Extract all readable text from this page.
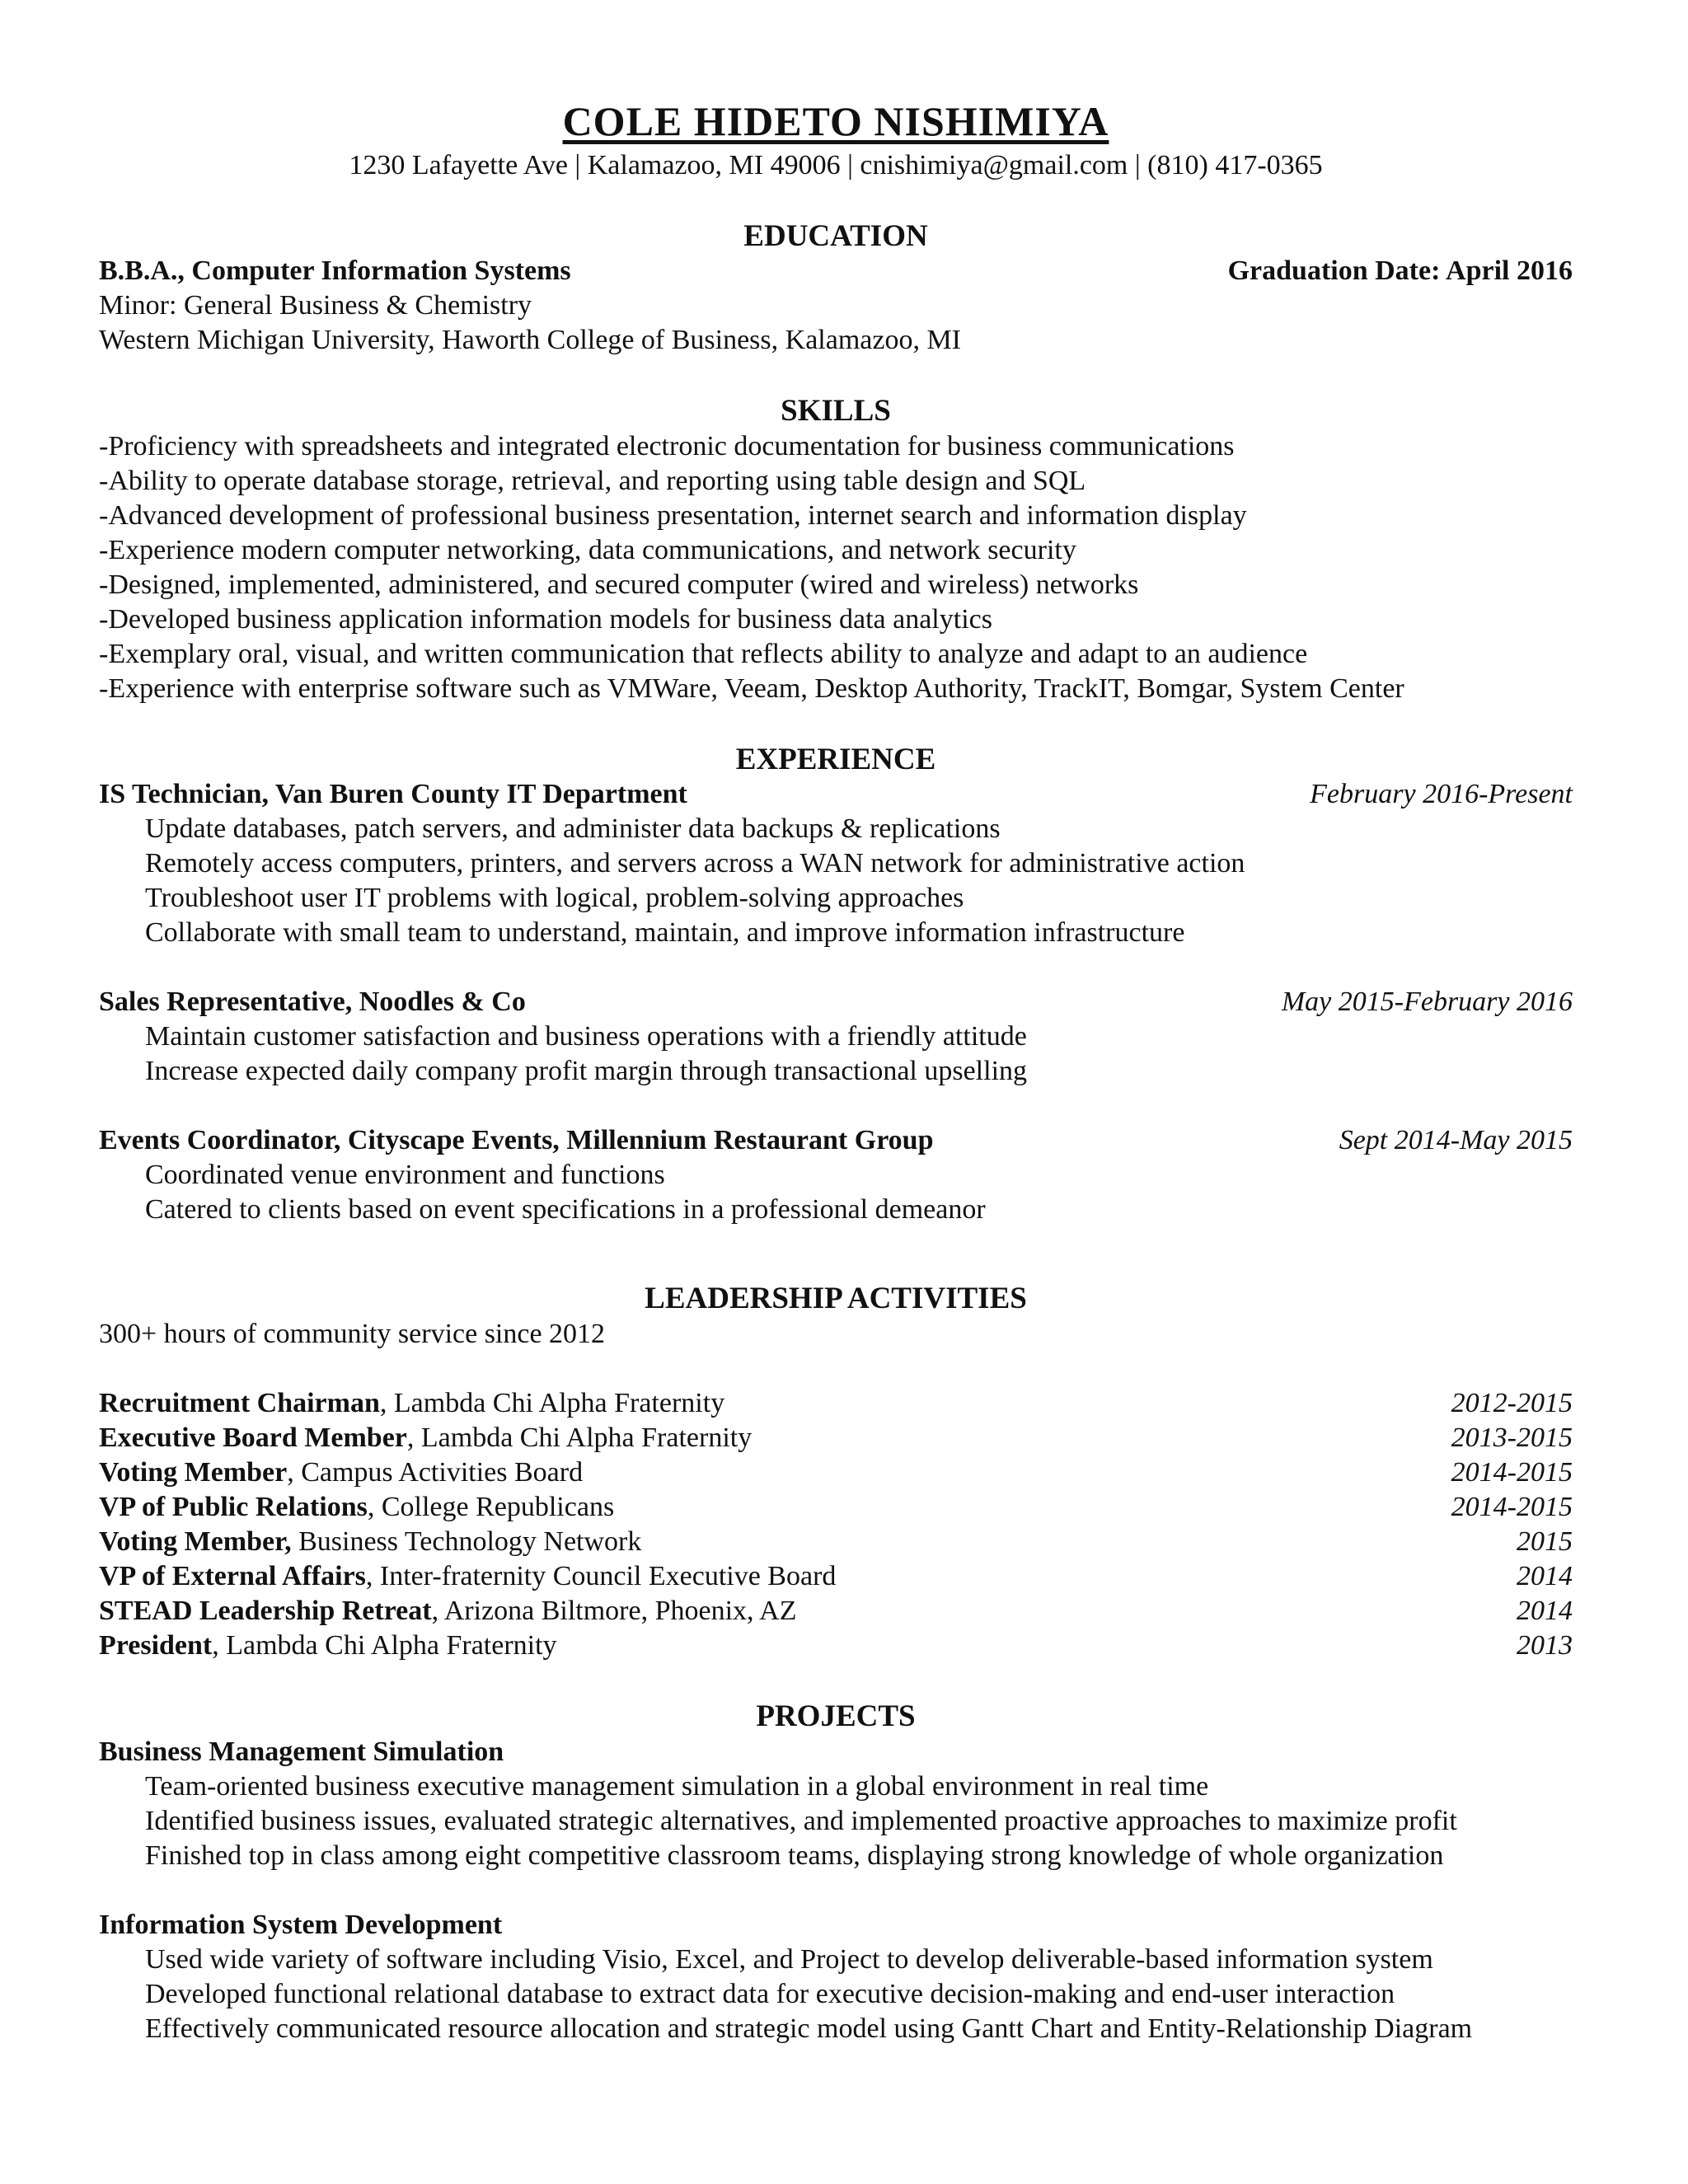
COLE HIDETO NISHIMIYA
1230 Lafayette Ave | Kalamazoo, MI 49006 | cnishimiya@gmail.com | (810) 417-0365
EDUCATION
B.B.A., Computer Information Systems	Graduation Date: April 2016
Minor: General Business & Chemistry
Western Michigan University, Haworth College of Business, Kalamazoo, MI
SKILLS
-Proficiency with spreadsheets and integrated electronic documentation for business communications
-Ability to operate database storage, retrieval, and reporting using table design and SQL
-Advanced development of professional business presentation, internet search and information display
-Experience modern computer networking, data communications, and network security
-Designed, implemented, administered, and secured computer (wired and wireless) networks
-Developed business application information models for business data analytics
-Exemplary oral, visual, and written communication that reflects ability to analyze and adapt to an audience
-Experience with enterprise software such as VMWare, Veeam, Desktop Authority, TrackIT, Bomgar, System Center
EXPERIENCE
IS Technician, Van Buren County IT Department	February 2016-Present
Update databases, patch servers, and administer data backups & replications
Remotely access computers, printers, and servers across a WAN network for administrative action
Troubleshoot user IT problems with logical, problem-solving approaches
Collaborate with small team to understand, maintain, and improve information infrastructure
Sales Representative, Noodles & Co	May 2015-February 2016
Maintain customer satisfaction and business operations with a friendly attitude
Increase expected daily company profit margin through transactional upselling
Events Coordinator, Cityscape Events, Millennium Restaurant Group	Sept 2014-May 2015
Coordinated venue environment and functions
Catered to clients based on event specifications in a professional demeanor
LEADERSHIP ACTIVITIES
300+ hours of community service since 2012
Recruitment Chairman, Lambda Chi Alpha Fraternity	2012-2015
Executive Board Member, Lambda Chi Alpha Fraternity	2013-2015
Voting Member, Campus Activities Board	2014-2015
VP of Public Relations, College Republicans	2014-2015
Voting Member, Business Technology Network	2015
VP of External Affairs, Inter-fraternity Council Executive Board	2014
STEAD Leadership Retreat, Arizona Biltmore, Phoenix, AZ	2014
President, Lambda Chi Alpha Fraternity	2013
PROJECTS
Business Management Simulation
Team-oriented business executive management simulation in a global environment in real time
Identified business issues, evaluated strategic alternatives, and implemented proactive approaches to maximize profit
Finished top in class among eight competitive classroom teams, displaying strong knowledge of whole organization
Information System Development
Used wide variety of software including Visio, Excel, and Project to develop deliverable-based information system
Developed functional relational database to extract data for executive decision-making and end-user interaction
Effectively communicated resource allocation and strategic model using Gantt Chart and Entity-Relationship Diagram
